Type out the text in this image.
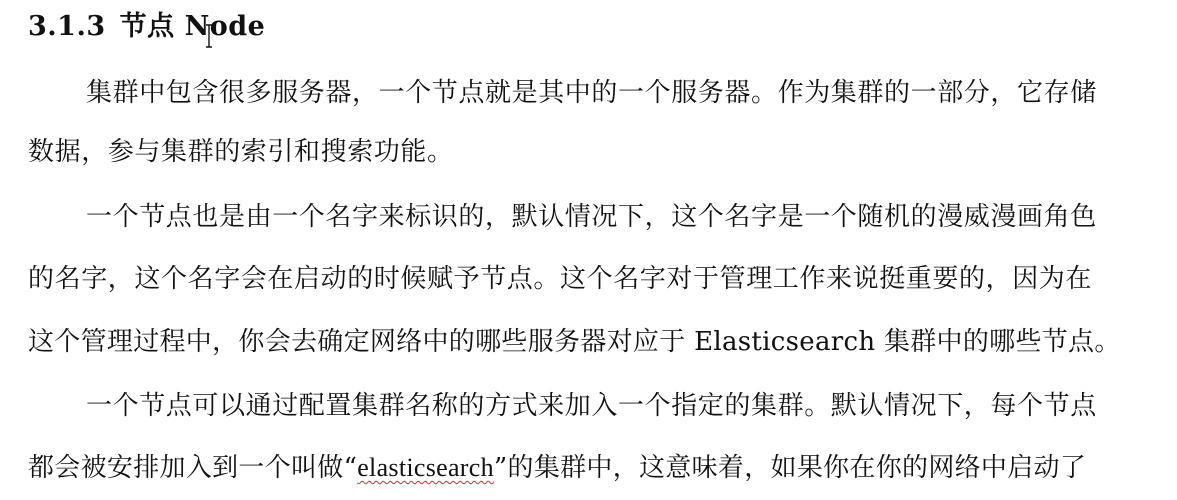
3.1.3 节点 Node
集群中包含很多服务器，一个节点就是其中的一个服务器。作为集群的一部分，它存储
数据，参与集群的索引和搜索功能。
一个节点也是由一个名字来标识的，默认情况下，这个名字是一个随机的漫威漫画角色
的名字，这个名字会在启动的时候赋予节点。这个名字对于管理工作来说挺重要的，因为在
这个管理过程中，你会去确定网络中的哪些服务器对应于 Elasticsearch 集群中的哪些节点。
一个节点可以通过配置集群名称的方式来加入一个指定的集群。默认情况下，每个节点
都会被安排加入到一个叫做“elasticsearch”的集群中，这意味着，如果你在你的网络中启动了
